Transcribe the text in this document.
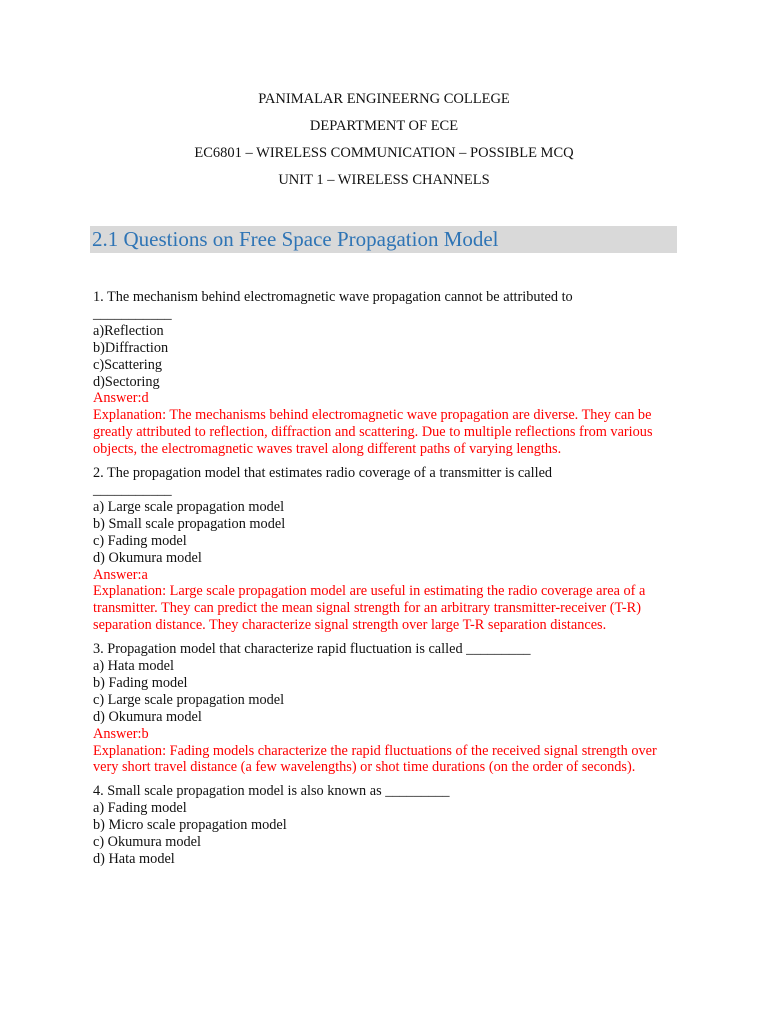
PANIMALAR ENGINEERNG COLLEGE
DEPARTMENT OF ECE
EC6801 – WIRELESS COMMUNICATION – POSSIBLE MCQ
UNIT 1 – WIRELESS CHANNELS
2.1 Questions on Free Space Propagation Model
1. The mechanism behind electromagnetic wave propagation cannot be attributed to
___________
a)Reflection
b)Diffraction
c)Scattering
d)Sectoring
Answer:d
Explanation: The mechanisms behind electromagnetic wave propagation are diverse. They can be greatly attributed to reflection, diffraction and scattering. Due to multiple reflections from various objects, the electromagnetic waves travel along different paths of varying lengths.
2. The propagation model that estimates radio coverage of a transmitter is called
___________
a) Large scale propagation model
b) Small scale propagation model
c) Fading model
d) Okumura model
Answer:a
Explanation: Large scale propagation model are useful in estimating the radio coverage area of a transmitter. They can predict the mean signal strength for an arbitrary transmitter-receiver (T-R) separation distance. They characterize signal strength over large T-R separation distances.
3. Propagation model that characterize rapid fluctuation is called _________
a) Hata model
b) Fading model
c) Large scale propagation model
d) Okumura model
Answer:b
Explanation: Fading models characterize the rapid fluctuations of the received signal strength over very short travel distance (a few wavelengths) or shot time durations (on the order of seconds).
4. Small scale propagation model is also known as _________
a) Fading model
b) Micro scale propagation model
c) Okumura model
d) Hata model
